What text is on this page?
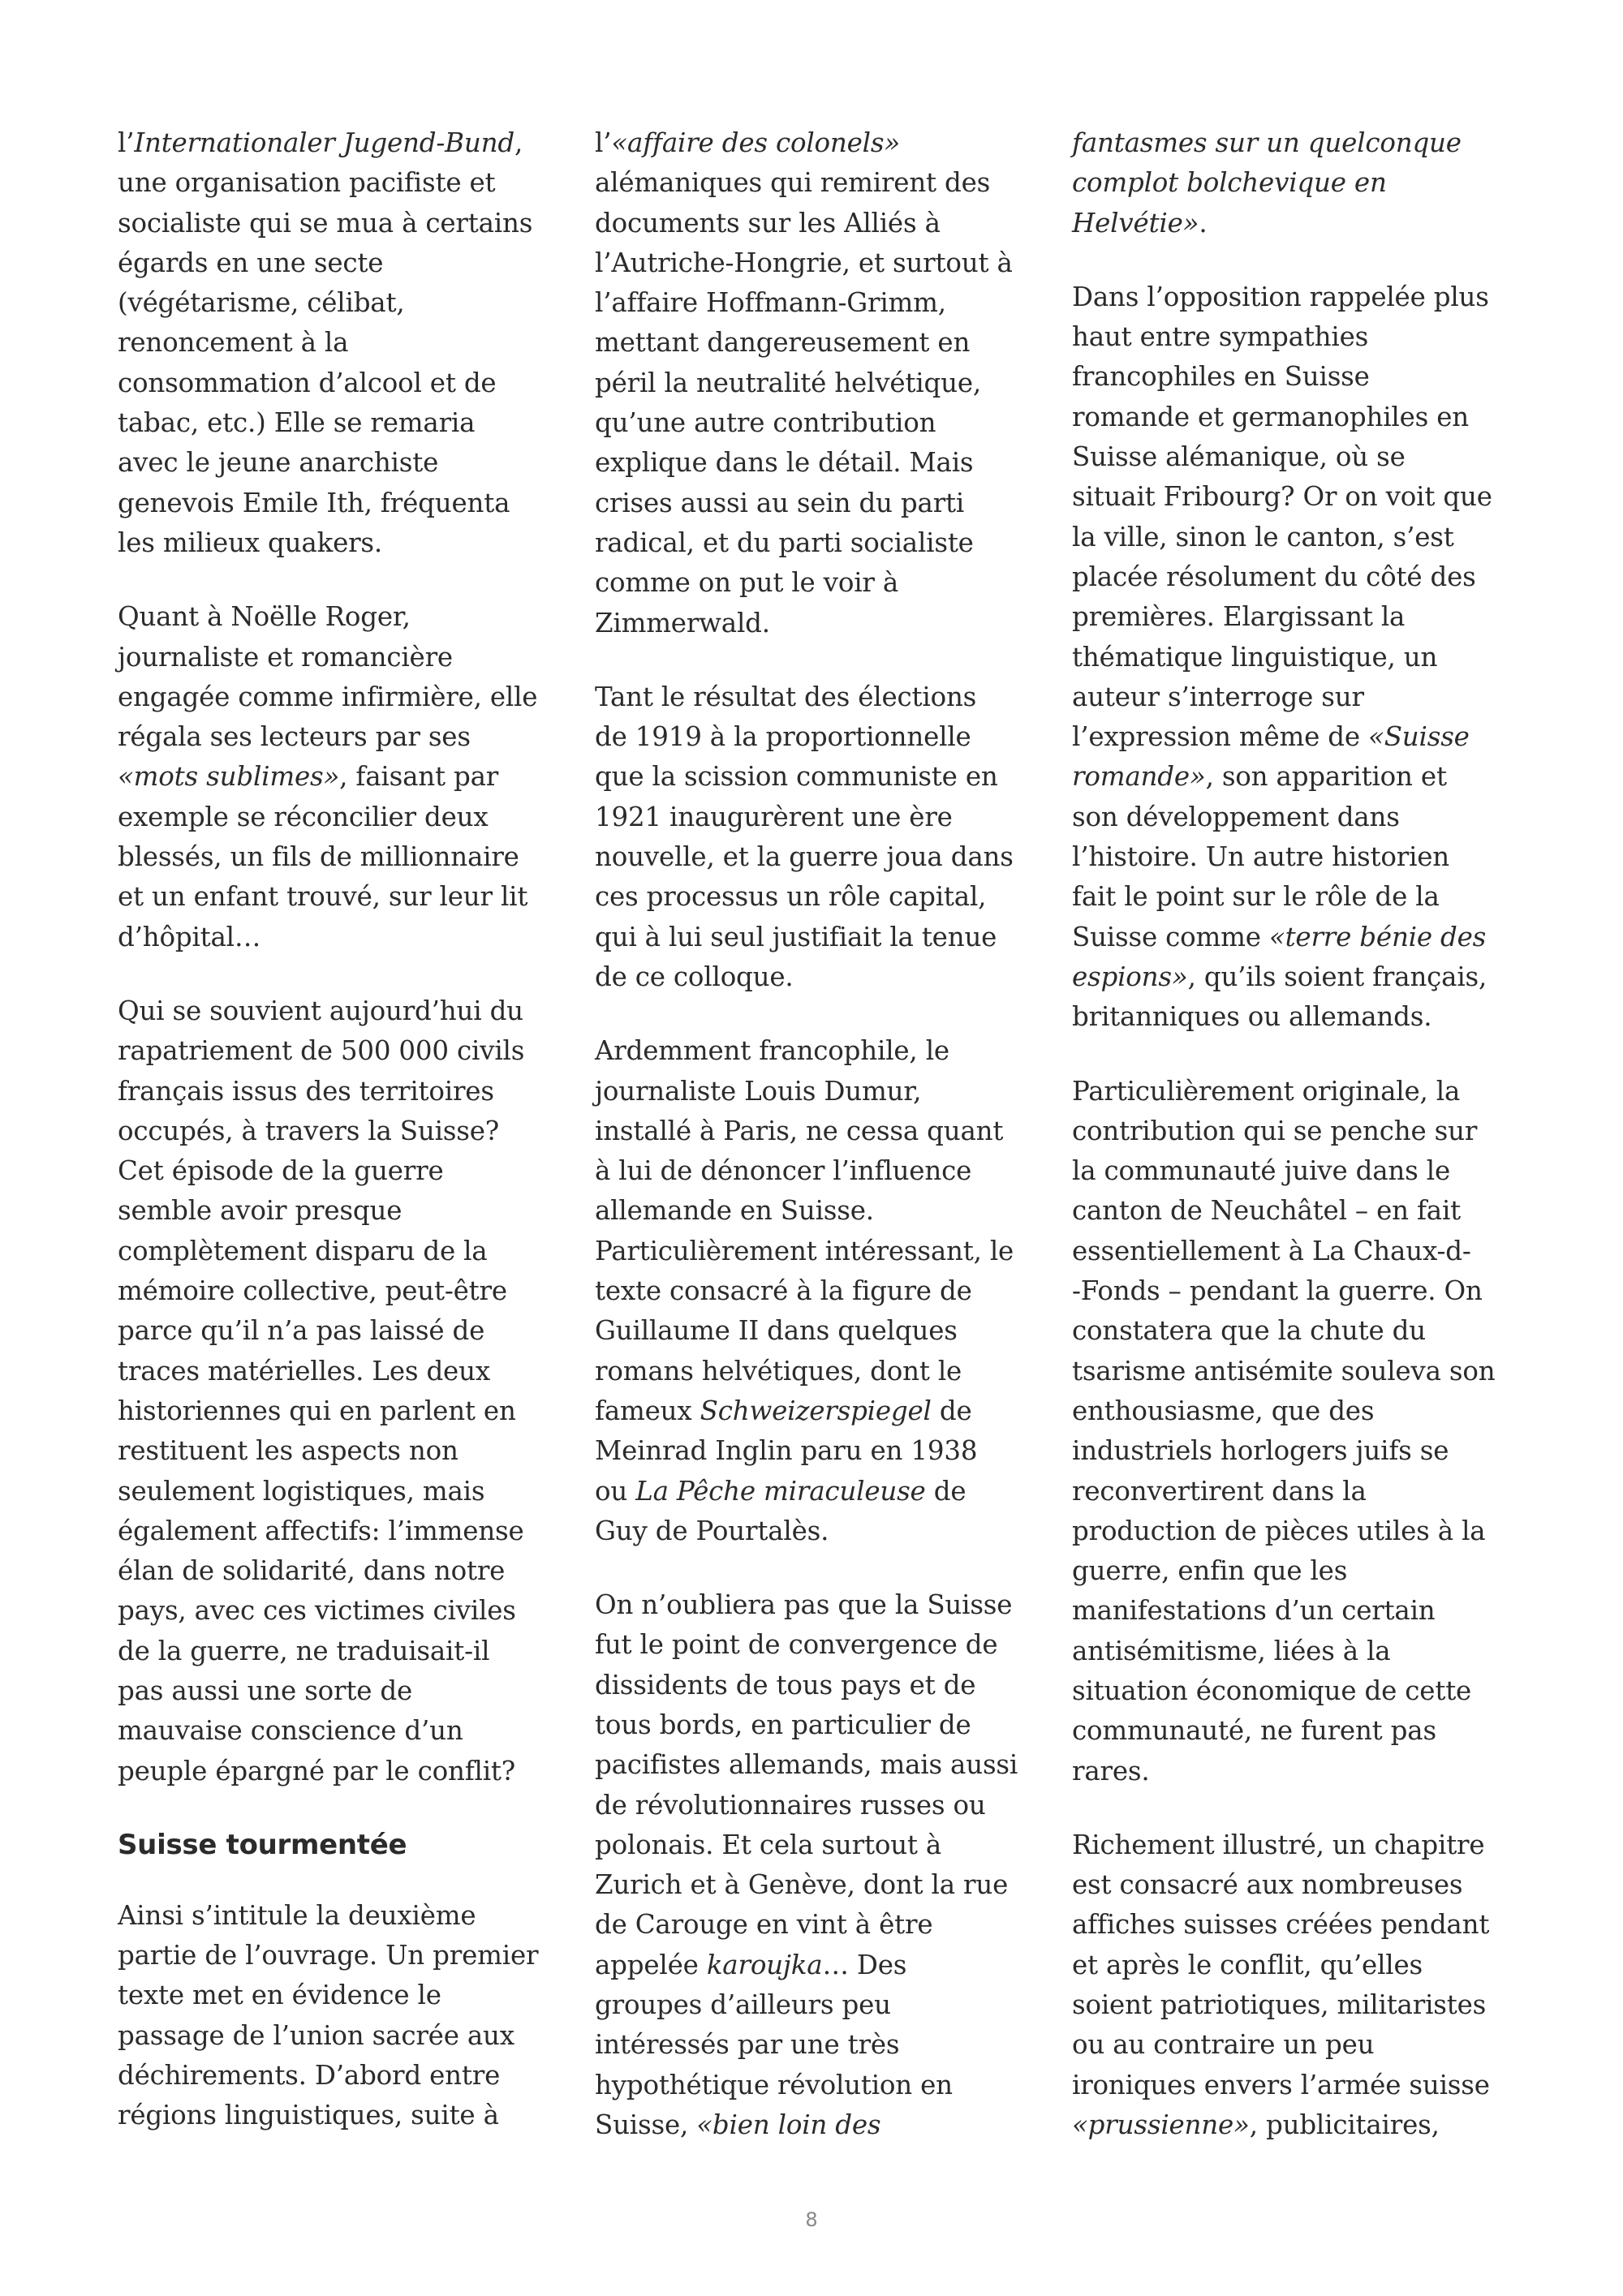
l’Internationaler Jugend-Bund,
une organisation pacifiste et
socialiste qui se mua à certains
égards en une secte
(végétarisme, célibat,
renoncement à la
consommation d’alcool et de
tabac, etc.) Elle se remaria
avec le jeune anarchiste
genevois Emile Ith, fréquenta
les milieux quakers.

Quant à Noëlle Roger,
journaliste et romancière
engagée comme infirmière, elle
régala ses lecteurs par ses
«mots sublimes», faisant par
exemple se réconcilier deux
blessés, un fils de millionnaire
et un enfant trouvé, sur leur lit
d’hôpital…

Qui se souvient aujourd’hui du
rapatriement de 500 000 civils
français issus des territoires
occupés, à travers la Suisse?
Cet épisode de la guerre
semble avoir presque
complètement disparu de la
mémoire collective, peut-être
parce qu’il n’a pas laissé de
traces matérielles. Les deux
historiennes qui en parlent en
restituent les aspects non
seulement logistiques, mais
également affectifs: l’immense
élan de solidarité, dans notre
pays, avec ces victimes civiles
de la guerre, ne traduisait-il
pas aussi une sorte de
mauvaise conscience d’un
peuple épargné par le conflit?

Suisse tourmentée

Ainsi s’intitule la deuxième
partie de l’ouvrage. Un premier
texte met en évidence le
passage de l’union sacrée aux
déchirements. D’abord entre
régions linguistiques, suite à

l’«affaire des colonels»
alémaniques qui remirent des
documents sur les Alliés à
l’Autriche-Hongrie, et surtout à
l’affaire Hoffmann-Grimm,
mettant dangereusement en
péril la neutralité helvétique,
qu’une autre contribution
explique dans le détail. Mais
crises aussi au sein du parti
radical, et du parti socialiste
comme on put le voir à
Zimmerwald.

Tant le résultat des élections
de 1919 à la proportionnelle
que la scission communiste en
1921 inaugurèrent une ère
nouvelle, et la guerre joua dans
ces processus un rôle capital,
qui à lui seul justifiait la tenue
de ce colloque.

Ardemment francophile, le
journaliste Louis Dumur,
installé à Paris, ne cessa quant
à lui de dénoncer l’influence
allemande en Suisse.
Particulièrement intéressant, le
texte consacré à la figure de
Guillaume II dans quelques
romans helvétiques, dont le
fameux Schweizerspiegel de
Meinrad Inglin paru en 1938
ou La Pêche miraculeuse de
Guy de Pourtalès.

On n’oubliera pas que la Suisse
fut le point de convergence de
dissidents de tous pays et de
tous bords, en particulier de
pacifistes allemands, mais aussi
de révolutionnaires russes ou
polonais. Et cela surtout à
Zurich et à Genève, dont la rue
de Carouge en vint à être
appelée karoujka… Des
groupes d’ailleurs peu
intéressés par une très
hypothétique révolution en
Suisse, «bien loin des

fantasmes sur un quelconque
complot bolchevique en
Helvétie».

Dans l’opposition rappelée plus
haut entre sympathies
francophiles en Suisse
romande et germanophiles en
Suisse alémanique, où se
situait Fribourg? Or on voit que
la ville, sinon le canton, s’est
placée résolument du côté des
premières. Elargissant la
thématique linguistique, un
auteur s’interroge sur
l’expression même de «Suisse
romande», son apparition et
son développement dans
l’histoire. Un autre historien
fait le point sur le rôle de la
Suisse comme «terre bénie des
espions», qu’ils soient français,
britanniques ou allemands.

Particulièrement originale, la
contribution qui se penche sur
la communauté juive dans le
canton de Neuchâtel – en fait
essentiellement à La Chaux-d-
-Fonds – pendant la guerre. On
constatera que la chute du
tsarisme antisémite souleva son
enthousiasme, que des
industriels horlogers juifs se
reconvertirent dans la
production de pièces utiles à la
guerre, enfin que les
manifestations d’un certain
antisémitisme, liées à la
situation économique de cette
communauté, ne furent pas
rares.

Richement illustré, un chapitre
est consacré aux nombreuses
affiches suisses créées pendant
et après le conflit, qu’elles
soient patriotiques, militaristes
ou au contraire un peu
ironiques envers l’armée suisse
«prussienne», publicitaires,

8
